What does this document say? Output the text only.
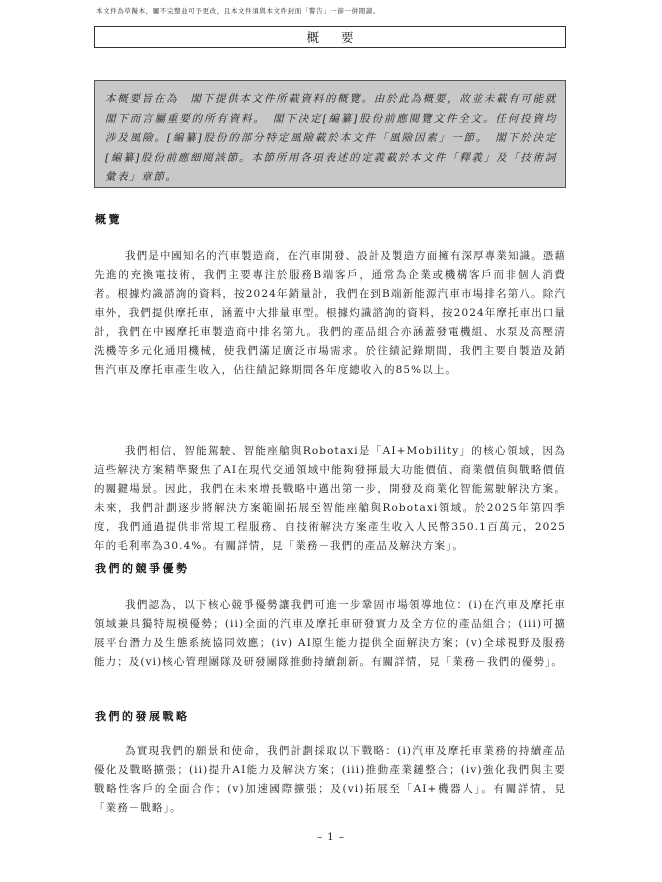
本文件為草擬本，屬不完整並可予更改，且本文件須與本文件封面「警告」一節一併閱讀。
概要
本概要旨在為　閣下提供本文件所載資料的概覽。由於此為概要，故並未載有可能就　閣下而言屬重要的所有資料。　閣下決定[編纂]股份前應閱覽文件全文。任何投資均涉及風險。[編纂]股份的部分特定風險載於本文件「風險因素」一節。　閣下於決定[編纂]股份前應細閱該節。本節所用各項表述的定義載於本文件「釋義」及「技術詞彙表」章節。
概覽
我們是中國知名的汽車製造商，在汽車開發、設計及製造方面擁有深厚專業知識。憑藉先進的充換電技術，我們主要專注於服務B端客戶，通常為企業或機構客戶而非個人消費者。根據灼識諮詢的資料，按2024年銷量計，我們在到B端新能源汽車市場排名第八。除汽車外，我們提供摩托車，涵蓋中大排量車型。根據灼識諮詢的資料，按2024年摩托車出口量計，我們在中國摩托車製造商中排名第九。我們的產品組合亦涵蓋發電機組、水泵及高壓清洗機等多元化通用機械，使我們滿足廣泛市場需求。於往績記錄期間，我們主要自製造及銷售汽車及摩托車產生收入，佔往績記錄期間各年度總收入的85%以上。
我們相信，智能駕駛、智能座艙與Robotaxi是「AI+Mobility」的核心領域，因為這些解決方案精準聚焦了AI在現代交通領域中能夠發揮最大功能價值、商業價值與戰略價值的關鍵場景。因此，我們在未來增長戰略中邁出第一步，開發及商業化智能駕駛解決方案。未來，我們計劃逐步將解決方案範圍拓展至智能座艙與Robotaxi領域。於2025年第四季度，我們通過提供非常規工程服務、自技術解決方案產生收入人民幣350.1百萬元，2025年的毛利率為30.4%。有關詳情，見「業務－我們的產品及解決方案」。
我們的競爭優勢
我們認為，以下核心競爭優勢讓我們可進一步鞏固市場領導地位：(i)在汽車及摩托車領域兼具獨特規模優勢；(ii)全面的汽車及摩托車研發實力及全方位的產品組合；(iii)可擴展平台潛力及生態系統協同效應；(iv) AI原生能力提供全面解決方案；(v)全球視野及服務能力；及(vi)核心管理團隊及研發團隊推動持續創新。有關詳情，見「業務－我們的優勢」。
我們的發展戰略
為實現我們的願景和使命，我們計劃採取以下戰略：(i)汽車及摩托車業務的持續產品優化及戰略擴張；(ii)提升AI能力及解決方案；(iii)推動產業鏈整合；(iv)強化我們與主要戰略性客戶的全面合作；(v)加速國際擴張；及(vi)拓展至「AI+機器人」。有關詳情，見「業務－戰略」。
– 1 –
